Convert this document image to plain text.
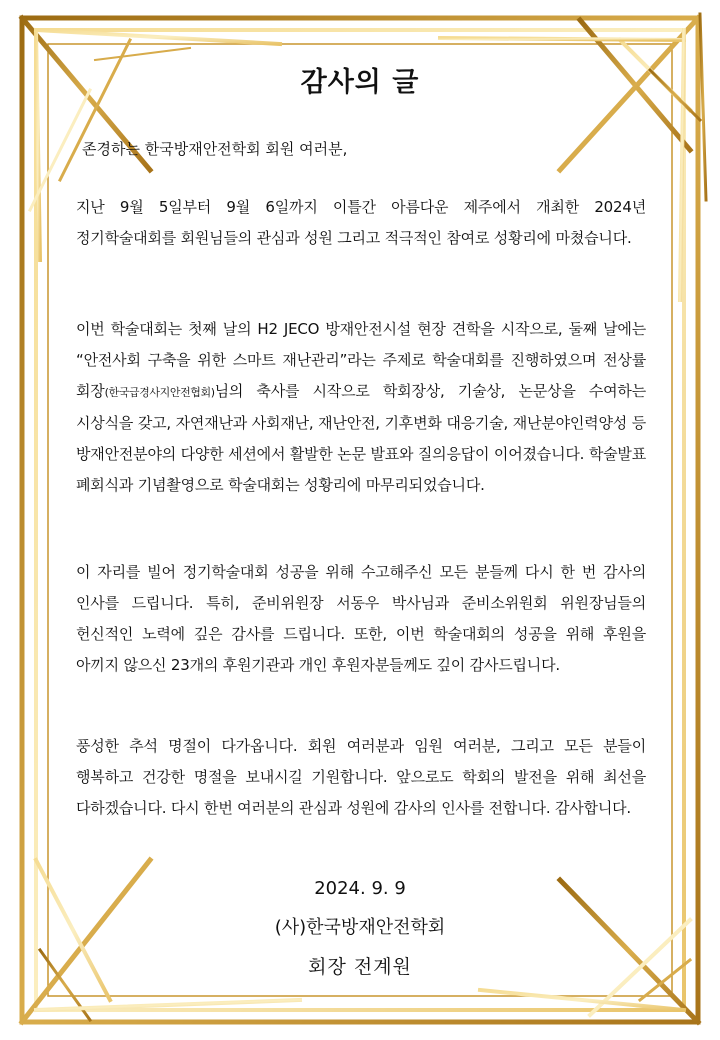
감사의 글
존경하는 한국방재안전학회 회원 여러분,
지난 9월 5일부터 9월 6일까지 이틀간 아름다운 제주에서 개최한 2024년 정기학술대회를 회원님들의 관심과 성원 그리고 적극적인 참여로 성황리에 마쳤습니다.
이번 학술대회는 첫째 날의 H2 JECO 방재안전시설 현장 견학을 시작으로, 둘째 날에는 “안전사회 구축을 위한 스마트 재난관리”라는 주제로 학술대회를 진행하였으며 전상률 회장(한국급경사지안전협회)님의 축사를 시작으로 학회장상, 기술상, 논문상을 수여하는 시상식을 갖고, 자연재난과 사회재난, 재난안전, 기후변화 대응기술, 재난분야인력양성 등 방재안전분야의 다양한 세션에서 활발한 논문 발표와 질의응답이 이어졌습니다. 학술발표 폐회식과 기념촬영으로 학술대회는 성황리에 마무리되었습니다.
이 자리를 빌어 정기학술대회 성공을 위해 수고해주신 모든 분들께 다시 한 번 감사의 인사를 드립니다. 특히, 준비위원장 서동우 박사님과 준비소위원회 위원장님들의 헌신적인 노력에 깊은 감사를 드립니다. 또한, 이번 학술대회의 성공을 위해 후원을 아끼지 않으신 23개의 후원기관과 개인 후원자분들께도 깊이 감사드립니다.
풍성한 추석 명절이 다가옵니다. 회원 여러분과 임원 여러분, 그리고 모든 분들이 행복하고 건강한 명절을 보내시길 기원합니다. 앞으로도 학회의 발전을 위해 최선을 다하겠습니다. 다시 한번 여러분의 관심과 성원에 감사의 인사를 전합니다. 감사합니다.
2024. 9. 9
(사)한국방재안전학회
회장 전계원
